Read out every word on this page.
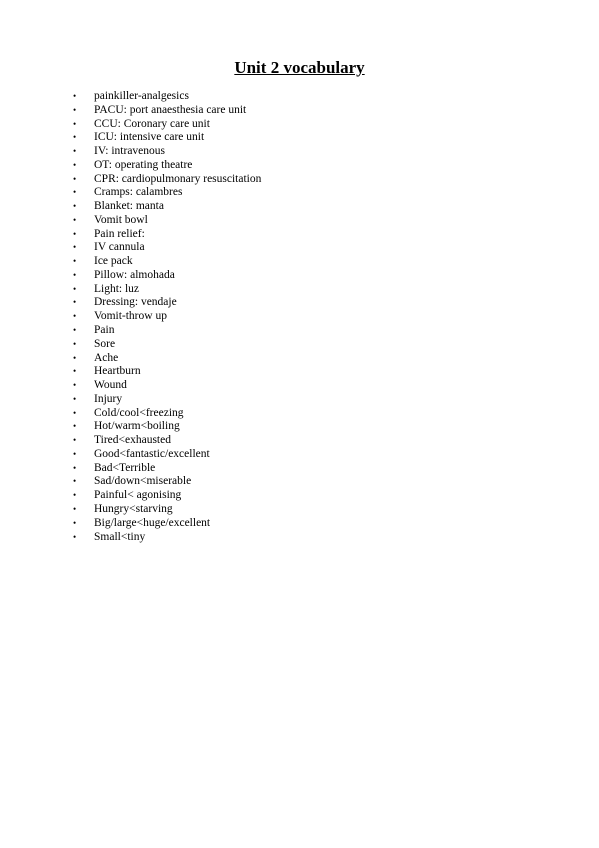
Unit 2 vocabulary
• painkiller-analgesics
• PACU: port anaesthesia care unit
• CCU: Coronary care unit
• ICU: intensive care unit
• IV: intravenous
• OT: operating theatre
• CPR: cardiopulmonary resuscitation
• Cramps: calambres
• Blanket: manta
• Vomit bowl
• Pain relief:
• IV cannula
• Ice pack
• Pillow: almohada
• Light: luz
• Dressing: vendaje
• Vomit-throw up
• Pain
• Sore
• Ache
• Heartburn
• Wound
• Injury
• Cold/cool<freezing
• Hot/warm<boiling
• Tired<exhausted
• Good<fantastic/excellent
• Bad<Terrible
• Sad/down<miserable
• Painful< agonising
• Hungry<starving
• Big/large<huge/excellent
• Small<tiny
